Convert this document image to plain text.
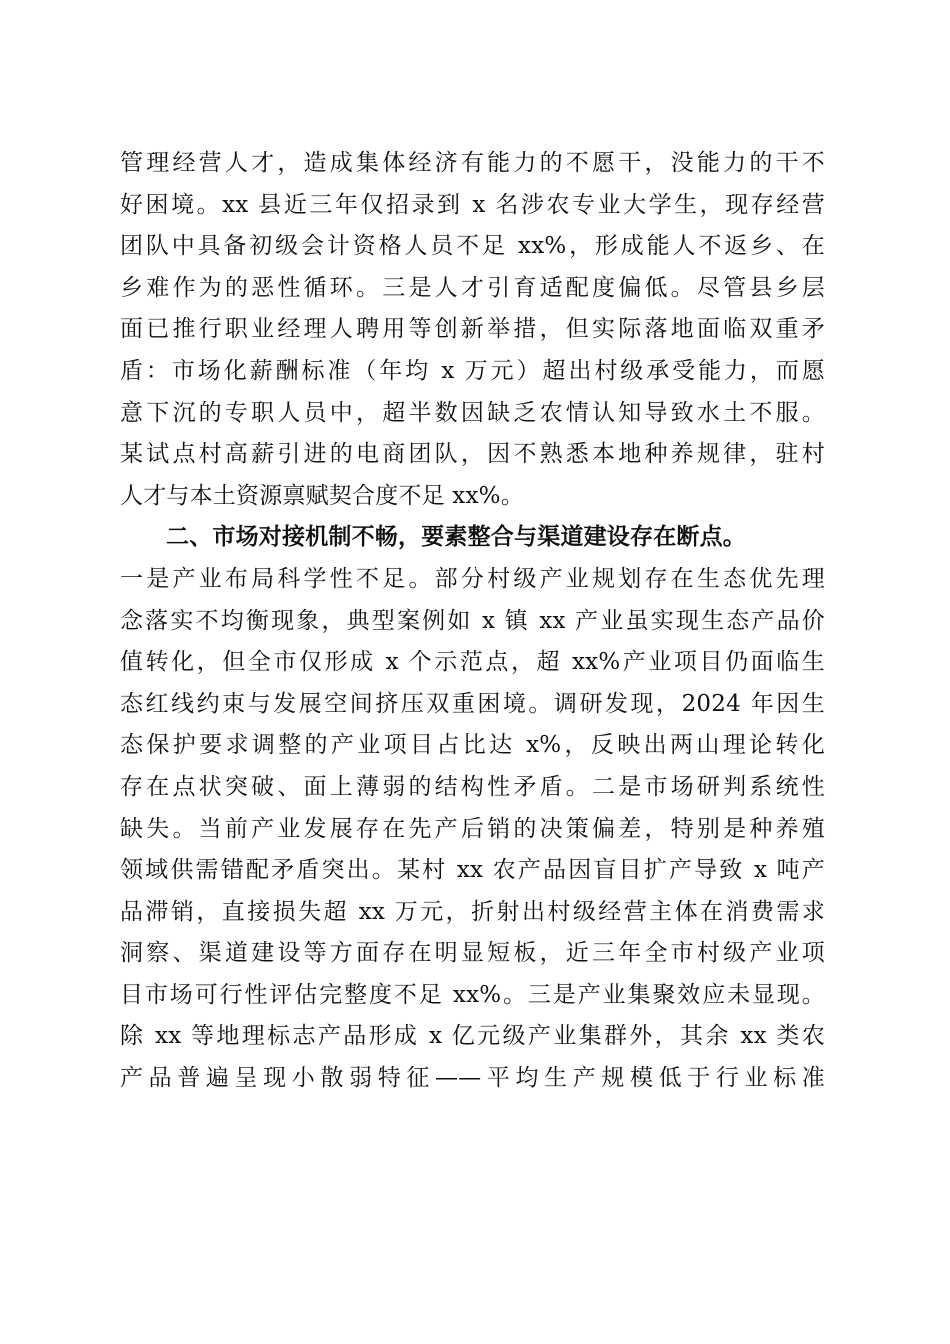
管理经营人才，造成集体经济有能力的不愿干，没能力的干不
好困境。xx 县近三年仅招录到 x 名涉农专业大学生，现存经营
团队中具备初级会计资格人员不足 xx%，形成能人不返乡、在
乡难作为的恶性循环。三是人才引育适配度偏低。尽管县乡层
面已推行职业经理人聘用等创新举措，但实际落地面临双重矛
盾：市场化薪酬标准（年均 x 万元）超出村级承受能力，而愿
意下沉的专职人员中，超半数因缺乏农情认知导致水土不服。
某试点村高薪引进的电商团队，因不熟悉本地种养规律，驻村
人才与本土资源禀赋契合度不足 xx%。
二、市场对接机制不畅，要素整合与渠道建设存在断点。
一是产业布局科学性不足。部分村级产业规划存在生态优先理
念落实不均衡现象，典型案例如 x 镇 xx 产业虽实现生态产品价
值转化，但全市仅形成 x 个示范点，超 xx%产业项目仍面临生
态红线约束与发展空间挤压双重困境。调研发现，2024 年因生
态保护要求调整的产业项目占比达 x%，反映出两山理论转化
存在点状突破、面上薄弱的结构性矛盾。二是市场研判系统性
缺失。当前产业发展存在先产后销的决策偏差，特别是种养殖
领域供需错配矛盾突出。某村 xx 农产品因盲目扩产导致 x 吨产
品滞销，直接损失超 xx 万元，折射出村级经营主体在消费需求
洞察、渠道建设等方面存在明显短板，近三年全市村级产业项
目市场可行性评估完整度不足 xx%。三是产业集聚效应未显现。
除 xx 等地理标志产品形成 x 亿元级产业集群外，其余 xx 类农
产品普遍呈现小散弱特征——平均生产规模低于行业标准
